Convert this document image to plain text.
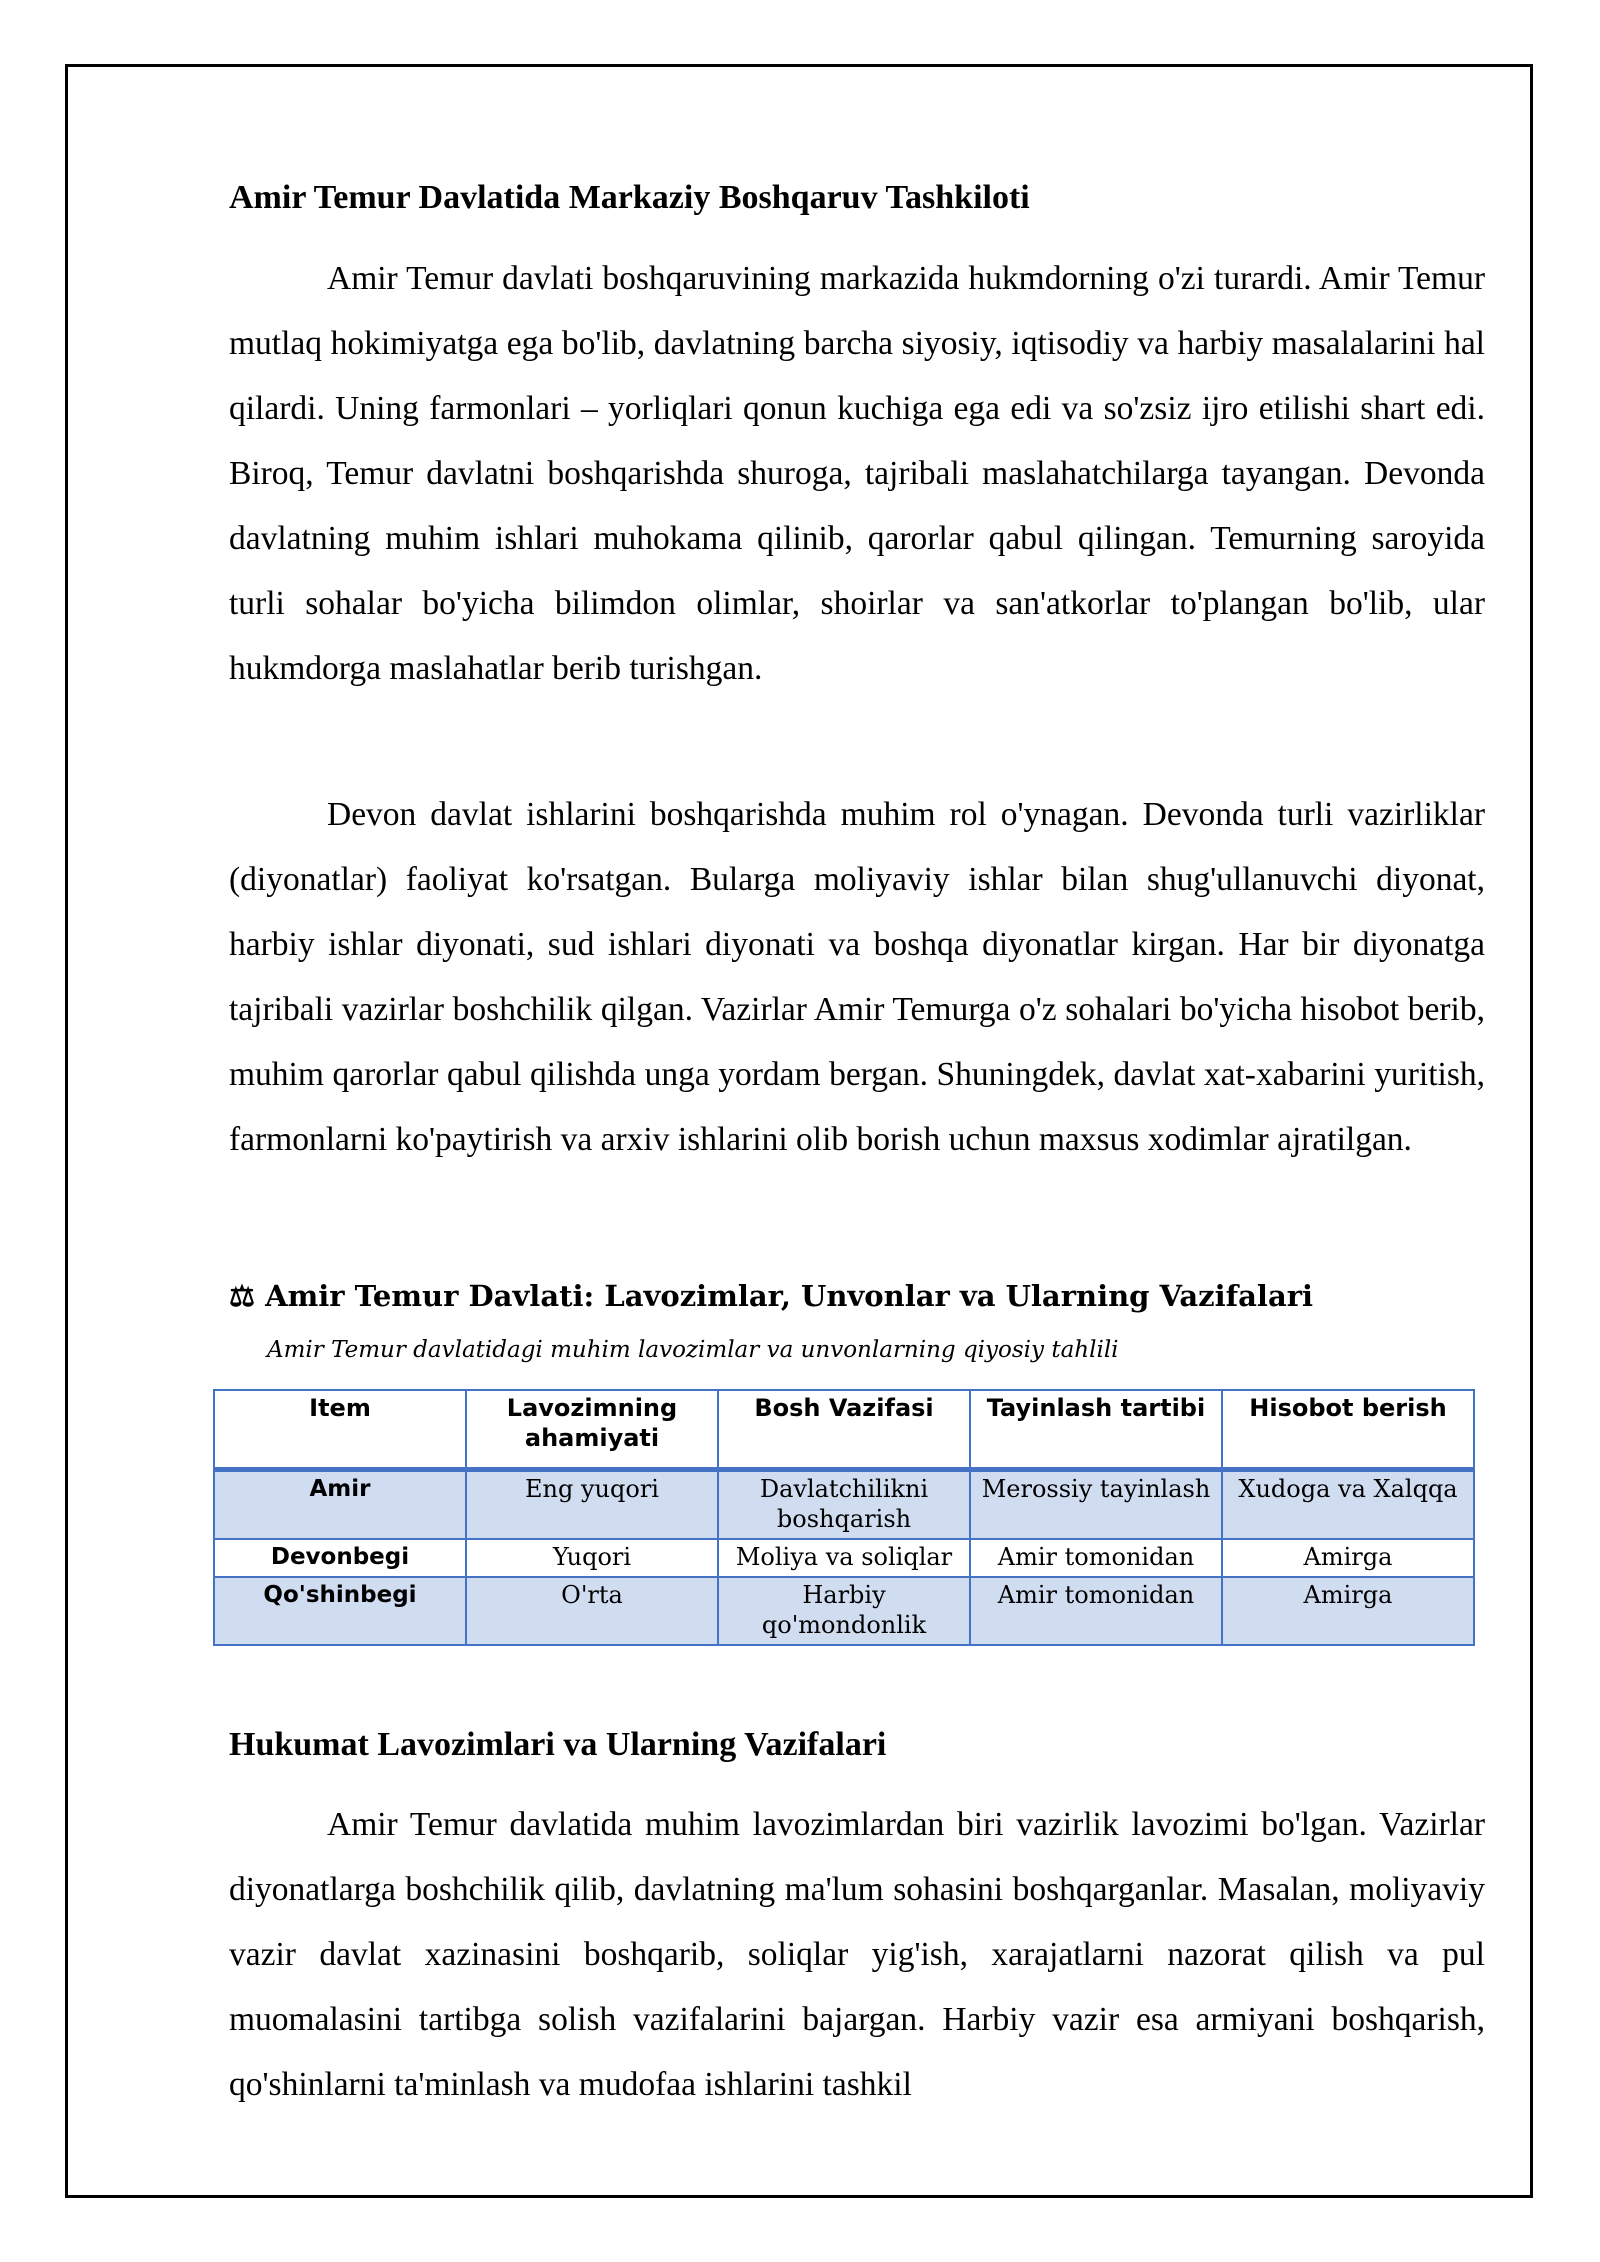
Amir Temur Davlatida Markaziy Boshqaruv Tashkiloti

Amir Temur davlati boshqaruvining markazida hukmdorning o'zi turardi. Amir Temur mutlaq hokimiyatga ega bo'lib, davlatning barcha siyosiy, iqtisodiy va harbiy masalalarini hal qilardi. Uning farmonlari – yorliqlari qonun kuchiga ega edi va so'zsiz ijro etilishi shart edi. Biroq, Temur davlatni boshqarishda shuroga, tajribali maslahatchilarga tayangan. Devonda davlatning muhim ishlari muhokama qilinib, qarorlar qabul qilingan. Temurning saroyida turli sohalar bo'yicha bilimdon olimlar, shoirlar va san'atkorlar to'plangan bo'lib, ular hukmdorga maslahatlar berib turishgan.

Devon davlat ishlarini boshqarishda muhim rol o'ynagan. Devonda turli vazirliklar (diyonatlar) faoliyat ko'rsatgan. Bularga moliyaviy ishlar bilan shug'ullanuvchi diyonat, harbiy ishlar diyonati, sud ishlari diyonati va boshqa diyonatlar kirgan. Har bir diyonatga tajribali vazirlar boshchilik qilgan. Vazirlar Amir Temurga o'z sohalari bo'yicha hisobot berib, muhim qarorlar qabul qilishda unga yordam bergan. Shuningdek, davlat xat-xabarini yuritish, farmonlarni ko'paytirish va arxiv ishlarini olib borish uchun maxsus xodimlar ajratilgan.

⚖ Amir Temur Davlati: Lavozimlar, Unvonlar va Ularning Vazifalari
Amir Temur davlatidagi muhim lavozimlar va unvonlarning qiyosiy tahlili
Item	Lavozimning ahamiyati	Bosh Vazifasi	Tayinlash tartibi	Hisobot berish
Amir	Eng yuqori	Davlatchilikni boshqarish	Merossiy tayinlash	Xudoga va Xalqqa
Devonbegi	Yuqori	Moliya va soliqlar	Amir tomonidan	Amirga
Qo'shinbegi	O'rta	Harbiy qo'mondonlik	Amir tomonidan	Amirga
Hukumat Lavozimlari va Ularning Vazifalari

Amir Temur davlatida muhim lavozimlardan biri vazirlik lavozimi bo'lgan. Vazirlar diyonatlarga boshchilik qilib, davlatning ma'lum sohasini boshqarganlar. Masalan, moliyaviy vazir davlat xazinasini boshqarib, soliqlar yig'ish, xarajatlarni nazorat qilish va pul muomalasini tartibga solish vazifalarini bajargan. Harbiy vazir esa armiyani boshqarish, qo'shinlarni ta'minlash va mudofaa ishlarini tashkil
